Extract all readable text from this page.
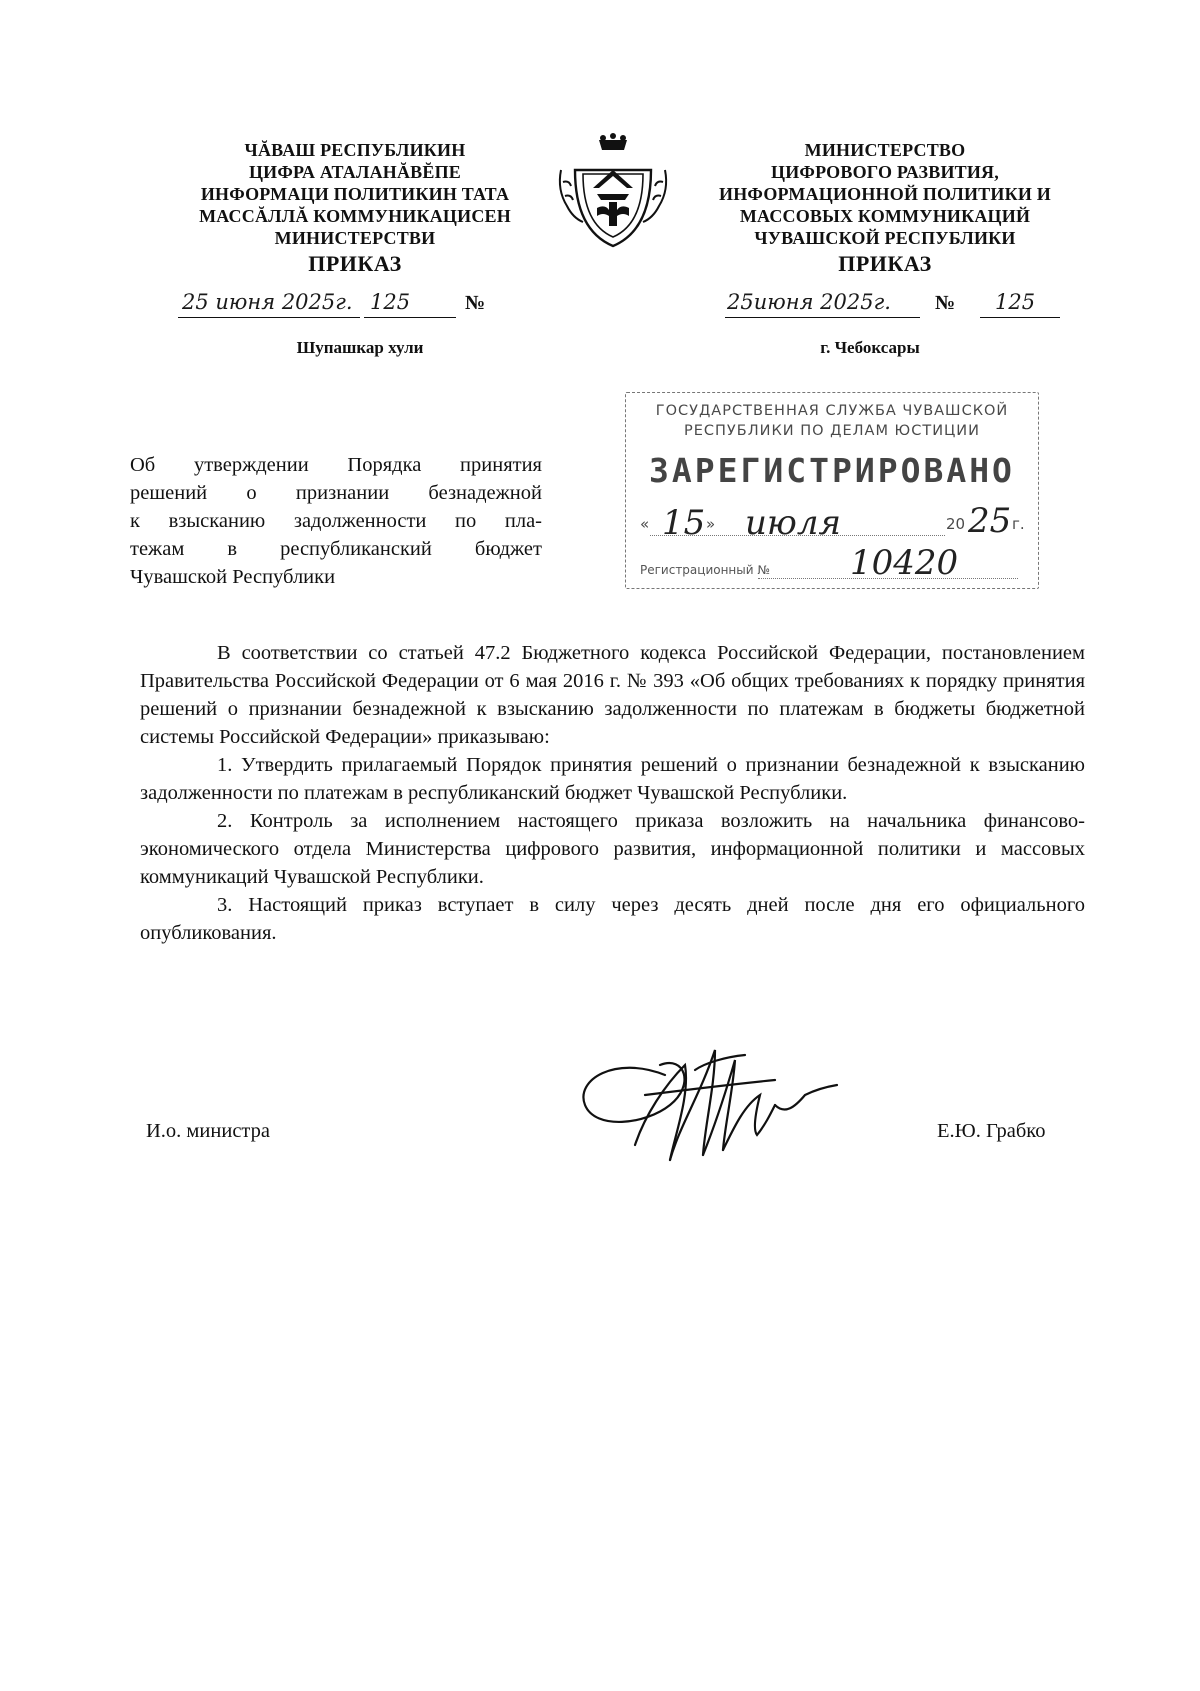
ЧĂВАШ РЕСПУБЛИКИН
ЦИФРА АТАЛАНĂВĔПЕ
ИНФОРМАЦИ ПОЛИТИКИН ТАТА
МАССĂЛЛĂ КОММУНИКАЦИСЕН
МИНИСТЕРСТВИ
ПРИКАЗ
МИНИСТЕРСТВО
ЦИФРОВОГО РАЗВИТИЯ,
ИНФОРМАЦИОННОЙ ПОЛИТИКИ И
МАССОВЫХ КОММУНИКАЦИЙ
ЧУВАШСКОЙ РЕСПУБЛИКИ
ПРИКАЗ
25 июня 2025г. 125	№	25июня 2025г. № 125
Шупашкар хули	г. Чебоксары
ГОСУДАРСТВЕННАЯ СЛУЖБА ЧУВАШСКОЙ
РЕСПУБЛИКИ ПО ДЕЛАМ ЮСТИЦИИ
ЗАРЕГИСТРИРОВАНО
« 15 » июля	20 25 г.
Регистрационный № 10420
Об утверждении Порядка принятия
решений о признании безнадежной
к взысканию задолженности по пла-
тежам в республиканский бюджет
Чувашской Республики

В соответствии со статьей 47.2 Бюджетного кодекса Российской Федерации, постановлением Правительства Российской Федерации от 6 мая 2016 г. № 393 «Об общих требованиях к порядку принятия решений о признании безнадежной к взысканию задолженности по платежам в бюджеты бюджетной системы Российской Федерации» приказываю:

1. Утвердить прилагаемый Порядок принятия решений о признании безнадежной к взысканию задолженности по платежам в республиканский бюджет Чувашской Республики.

2. Контроль за исполнением настоящего приказа возложить на начальника финансово-экономического отдела Министерства цифрового развития, информационной политики и массовых коммуникаций Чувашской Республики.

3. Настоящий приказ вступает в силу через десять дней после дня его официального опубликования.

И.о. министра	Е.Ю. Грабко
